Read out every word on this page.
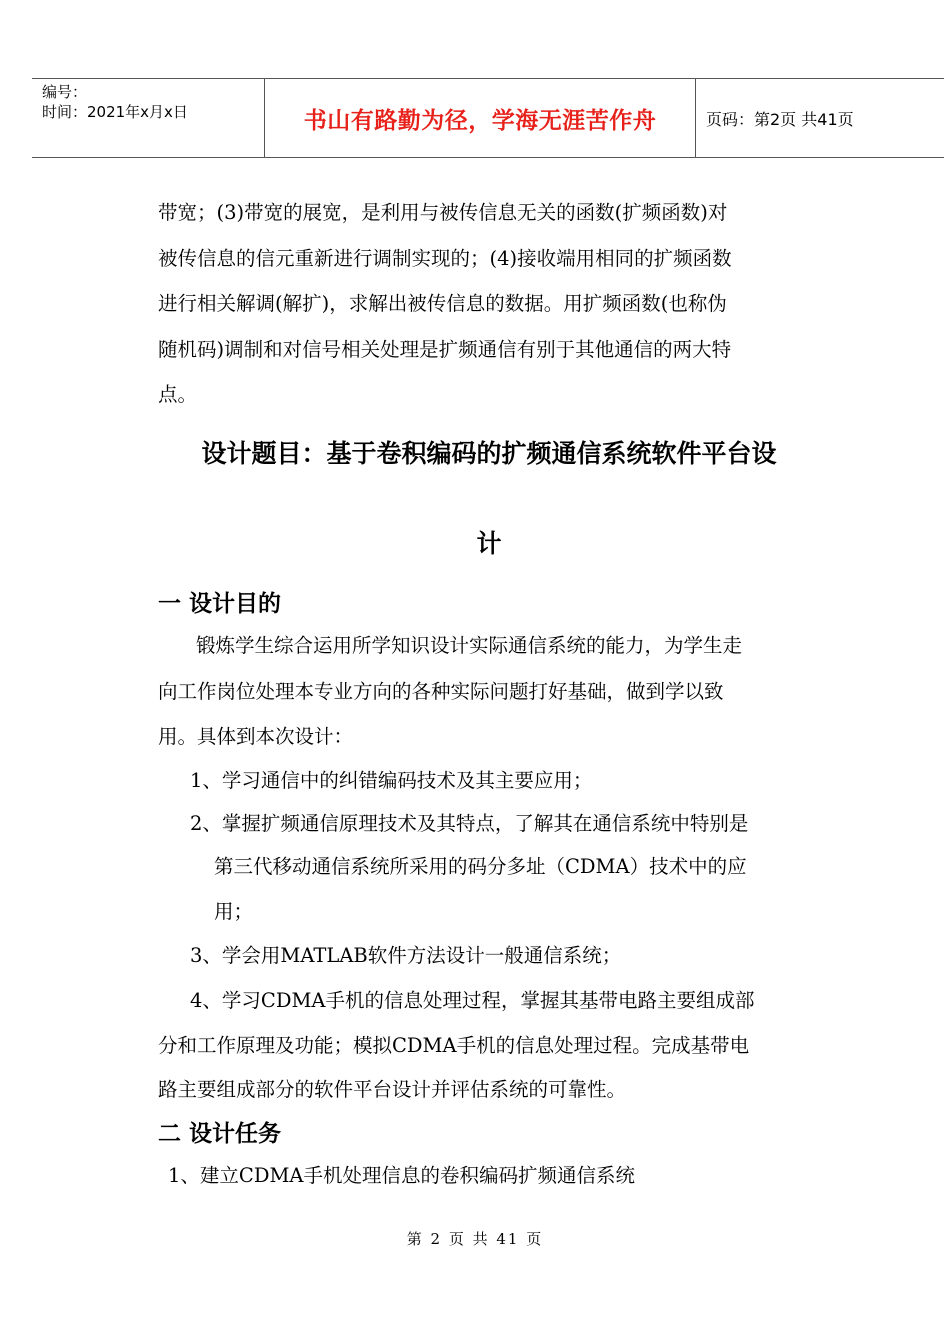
编号：
时间：2021年x月x日	书山有路勤为径，学海无涯苦作舟	页码：第2页 共41页

带宽；(3)带宽的展宽，是利用与被传信息无关的函数(扩频函数)对

被传信息的信元重新进行调制实现的；(4)接收端用相同的扩频函数

进行相关解调(解扩)，求解出被传信息的数据。用扩频函数(也称伪

随机码)调制和对信号相关处理是扩频通信有别于其他通信的两大特

点。

设计题目：基于卷积编码的扩频通信系统软件平台设
计
一 设计目的

锻炼学生综合运用所学知识设计实际通信系统的能力，为学生走

向工作岗位处理本专业方向的各种实际问题打好基础，做到学以致

用。具体到本次设计：

1、学习通信中的纠错编码技术及其主要应用；
2、掌握扩频通信原理技术及其特点，了解其在通信系统中特别是
第三代移动通信系统所采用的码分多址（CDMA）技术中的应
用；
3、学会用MATLAB软件方法设计一般通信系统；
4、学习CDMA手机的信息处理过程，掌握其基带电路主要组成部
分和工作原理及功能；模拟CDMA手机的信息处理过程。完成基带电
路主要组成部分的软件平台设计并评估系统的可靠性。
二 设计任务
1、建立CDMA手机处理信息的卷积编码扩频通信系统
第 2 页 共 41 页
